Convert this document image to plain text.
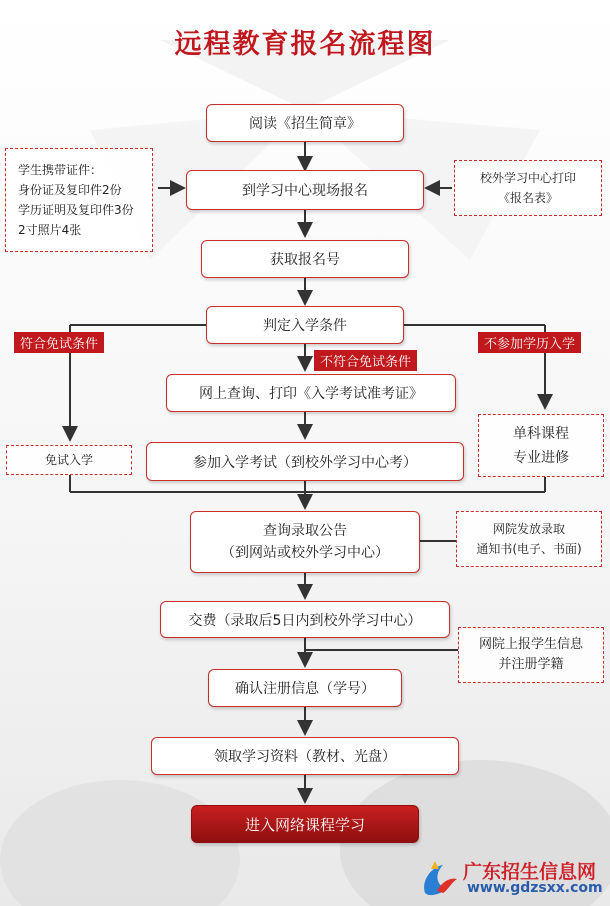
远程教育报名流程图
阅读《招生简章》
到学习中心现场报名
获取报名号
判定入学条件
网上查询、打印《入学考试准考证》
参加入学考试（到校外学习中心考）
查询录取公告
（到网站或校外学习中心）
交费（录取后5日内到校外学习中心）
确认注册信息（学号）
领取学习资料（教材、光盘）
进入网络课程学习
学生携带证件：
身份证及复印件2份
学历证明及复印件3份
2寸照片4张
校外学习中心打印
《报名表》
免试入学
单科课程
专业进修
网院发放录取
通知书(电子、书面)
网院上报学生信息
并注册学籍
符合免试条件
不符合免试条件
不参加学历入学
广东招生信息网
www.gdzsxx.com
